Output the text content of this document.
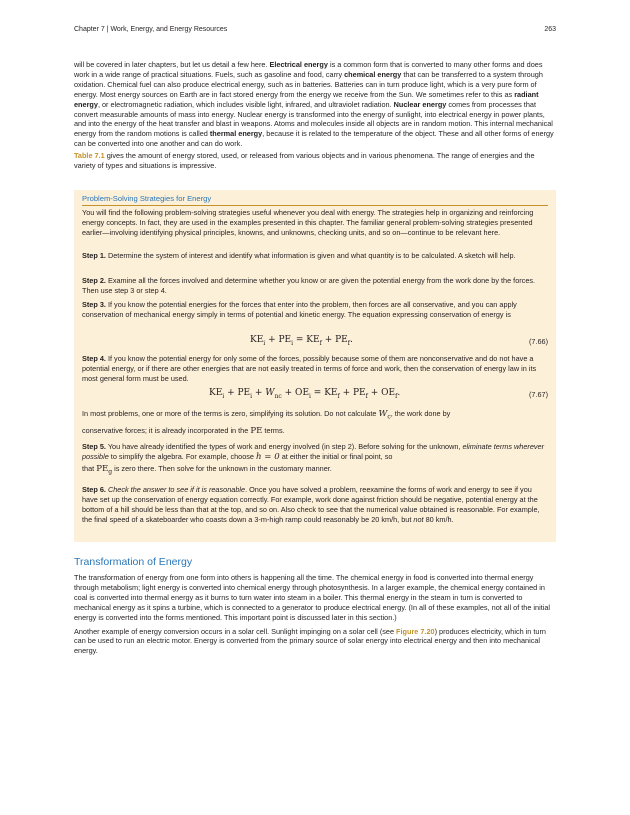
Chapter 7 | Work, Energy, and Energy Resources	263

will be covered in later chapters, but let us detail a few here. Electrical energy is a common form that is converted to many other forms and does work in a wide range of practical situations. Fuels, such as gasoline and food, carry chemical energy that can be transferred to a system through oxidation. Chemical fuel can also produce electrical energy, such as in batteries. Batteries can in turn produce light, which is a very pure form of energy. Most energy sources on Earth are in fact stored energy from the energy we receive from the Sun. We sometimes refer to this as radiant energy, or electromagnetic radiation, which includes visible light, infrared, and ultraviolet radiation. Nuclear energy comes from processes that convert measurable amounts of mass into energy. Nuclear energy is transformed into the energy of sunlight, into electrical energy in power plants, and into the energy of the heat transfer and blast in weapons. Atoms and molecules inside all objects are in random motion. This internal mechanical energy from the random motions is called thermal energy, because it is related to the temperature of the object. These and all other forms of energy can be converted into one another and can do work.

Table 7.1 gives the amount of energy stored, used, or released from various objects and in various phenomena. The range of energies and the variety of types and situations is impressive.

Problem-Solving Strategies for Energy

You will find the following problem-solving strategies useful whenever you deal with energy. The strategies help in organizing and reinforcing energy concepts. In fact, they are used in the examples presented in this chapter. The familiar general problem-solving strategies presented earlier—involving identifying physical principles, knowns, and unknowns, checking units, and so on—continue to be relevant here.

Step 1. Determine the system of interest and identify what information is given and what quantity is to be calculated. A sketch will help.

Step 2. Examine all the forces involved and determine whether you know or are given the potential energy from the work done by the forces. Then use step 3 or step 4.

Step 3. If you know the potential energies for the forces that enter into the problem, then forces are all conservative, and you can apply conservation of mechanical energy simply in terms of potential and kinetic energy. The equation expressing conservation of energy is

$KE_i + PE_i = KE_f + PE_f$.	(7.66)

Step 4. If you know the potential energy for only some of the forces, possibly because some of them are nonconservative and do not have a potential energy, or if there are other energies that are not easily treated in terms of force and work, then the conservation of energy law in its most general form must be used.

$KE_i + PE_i + W_{nc} + OE_i = KE_f + PE_f + OE_f$.	(7.67)

In most problems, one or more of the terms is zero, simplifying its solution. Do not calculate $W_c$, the work done by

conservative forces; it is already incorporated in the PE terms.

Step 5. You have already identified the types of work and energy involved (in step 2). Before solving for the unknown, eliminate terms wherever possible to simplify the algebra. For example, choose h = 0 at either the initial or final point, so

that $PE_g$ is zero there. Then solve for the unknown in the customary manner.

Step 6. Check the answer to see if it is reasonable. Once you have solved a problem, reexamine the forms of work and energy to see if you have set up the conservation of energy equation correctly. For example, work done against friction should be negative, potential energy at the bottom of a hill should be less than that at the top, and so on. Also check to see that the numerical value obtained is reasonable. For example, the final speed of a skateboarder who coasts down a 3-m-high ramp could reasonably be 20 km/h, but not 80 km/h.

Transformation of Energy

The transformation of energy from one form into others is happening all the time. The chemical energy in food is converted into thermal energy through metabolism; light energy is converted into chemical energy through photosynthesis. In a larger example, the chemical energy contained in coal is converted into thermal energy as it burns to turn water into steam in a boiler. This thermal energy in the steam in turn is converted to mechanical energy as it spins a turbine, which is connected to a generator to produce electrical energy. (In all of these examples, not all of the initial energy is converted into the forms mentioned. This important point is discussed later in this section.)

Another example of energy conversion occurs in a solar cell. Sunlight impinging on a solar cell (see Figure 7.20) produces electricity, which in turn can be used to run an electric motor. Energy is converted from the primary source of solar energy into electrical energy and then into mechanical energy.
